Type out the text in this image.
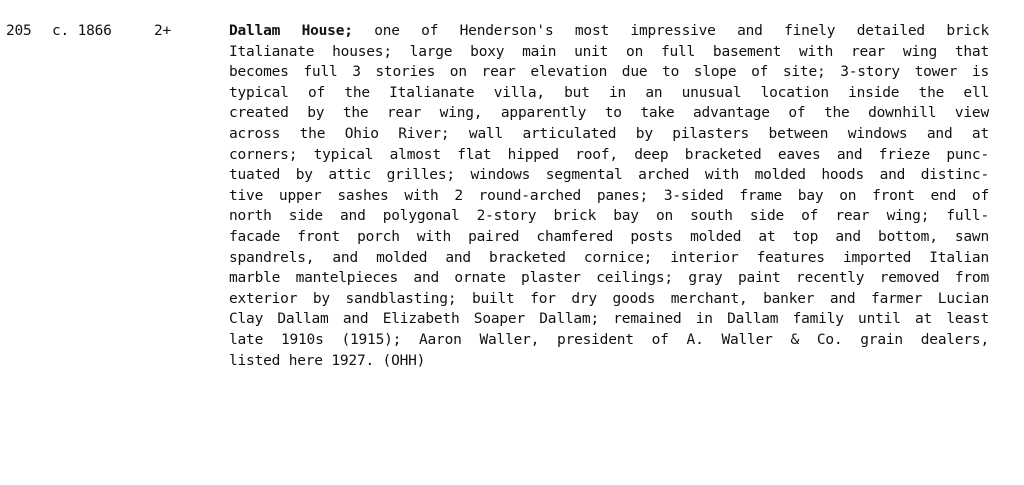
205 c. 1866	2+	Dallam House; one of Henderson's most impressive and finely detailed brick
Italianate houses; large boxy main unit on full basement with rear wing that
becomes full 3 stories on rear elevation due to slope of site; 3-story tower is
typical of the Italianate villa, but in an unusual location inside the ell
created by the rear wing, apparently to take advantage of the downhill view
across the Ohio River; wall articulated by pilasters between windows and at
corners; typical almost flat hipped roof, deep bracketed eaves and frieze punc-
tuated by attic grilles; windows segmental arched with molded hoods and distinc-
tive upper sashes with 2 round-arched panes; 3-sided frame bay on front end of
north side and polygonal 2-story brick bay on south side of rear wing; full-
facade front porch with paired chamfered posts molded at top and bottom, sawn
spandrels, and molded and bracketed cornice; interior features imported Italian
marble mantelpieces and ornate plaster ceilings; gray paint recently removed from
exterior by sandblasting; built for dry goods merchant, banker and farmer Lucian
Clay Dallam and Elizabeth Soaper Dallam; remained in Dallam family until at least
late 1910s (1915); Aaron Waller, president of A. Waller & Co. grain dealers,
listed here 1927. (OHH)
